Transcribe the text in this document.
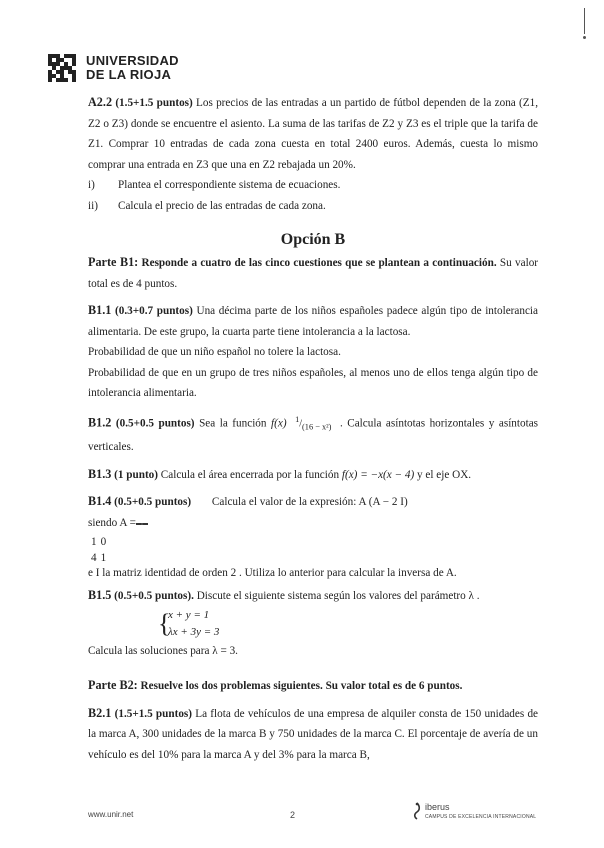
UNIVERSIDAD
DE LA RIOJA

A2.2 (1.5+1.5 puntos) Los precios de las entradas a un partido de fútbol dependen de la zona (Z1, Z2 o Z3) donde se encuentre el asiento. La suma de las tarifas de Z2 y Z3 es el triple que la tarifa de Z1. Comprar 10 entradas de cada zona cuesta en total 2400 euros. Además, cuesta lo mismo comprar una entrada en Z3 que una en Z2 rebajada un 20%.

i)	Plantea el correspondiente sistema de ecuaciones.
ii)	Calcula el precio de las entradas de cada zona.
Opción B

Parte B1: Responde a cuatro de las cinco cuestiones que se plantean a continuación. Su valor total es de 4 puntos.

B1.1 (0.3+0.7 puntos) Una décima parte de los niños españoles padece algún tipo de intolerancia alimentaria. De este grupo, la cuarta parte tiene intolerancia a la lactosa.

Probabilidad de que un niño español no tolere la lactosa.

Probabilidad de que en un grupo de tres niños españoles, al menos uno de ellos tenga algún tipo de intolerancia alimentaria.

B1.2 (0.5+0.5 puntos) Sea la función f(x) $^1/_{(16 - x^2)}$ . Calcula asíntotas horizontales y asíntotas verticales.

B1.3 (1 punto) Calcula el área encerrada por la función f(x) = −x(x − 4) y el eje OX.

B1.4 (0.5+0.5 puntos) Calcula el valor de la expresión: A (A − 2 I)

siendo A =

1	0
4	1
e I la matriz identidad de orden 2 . Utiliza lo anterior para calcular la inversa de A.

B1.5 (0.5+0.5 puntos). Discute el siguiente sistema según los valores del parámetro λ .

{ x + y = 1
λx + 3y = 3

Calcula las soluciones para λ = 3.

Parte B2: Resuelve los dos problemas siguientes. Su valor total es de 6 puntos.

B2.1 (1.5+1.5 puntos) La flota de vehículos de una empresa de alquiler consta de 150 unidades de la marca A, 300 unidades de la marca B y 750 unidades de la marca C. El porcentaje de avería de un vehículo es del 10% para la marca A y del 3% para la marca B,

www.unir.net	2
iberus
CAMPUS DE EXCELENCIA INTERNACIONAL
